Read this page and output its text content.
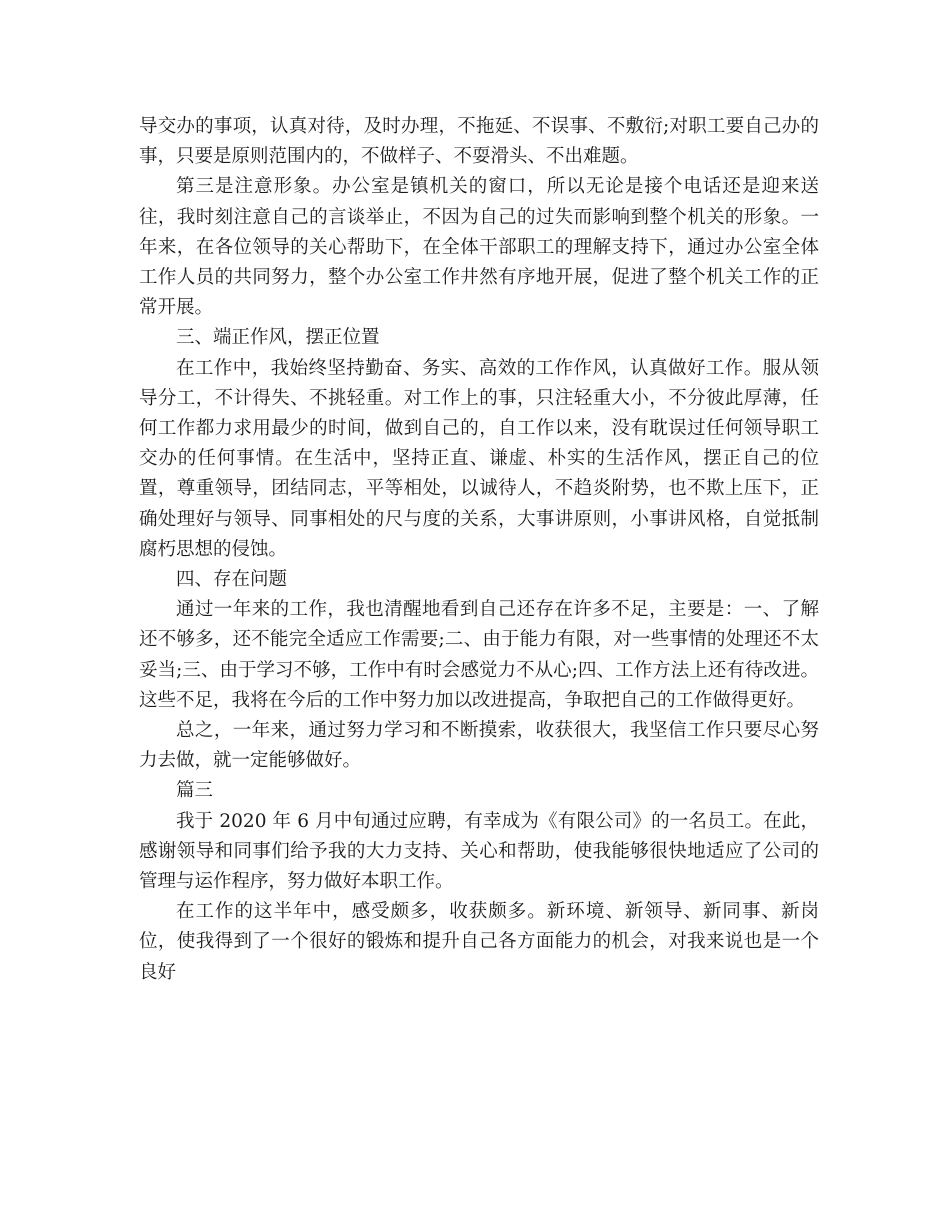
导交办的事项，认真对待，及时办理，不拖延、不误事、不敷衍;对职工要自己办的事，只要是原则范围内的，不做样子、不耍滑头、不出难题。

第三是注意形象。办公室是镇机关的窗口，所以无论是接个电话还是迎来送往，我时刻注意自己的言谈举止，不因为自己的过失而影响到整个机关的形象。一年来，在各位领导的关心帮助下，在全体干部职工的理解支持下，通过办公室全体工作人员的共同努力，整个办公室工作井然有序地开展，促进了整个机关工作的正常开展。

三、端正作风，摆正位置

在工作中，我始终坚持勤奋、务实、高效的工作作风，认真做好工作。服从领导分工，不计得失、不挑轻重。对工作上的事，只注轻重大小，不分彼此厚薄，任何工作都力求用最少的时间，做到自己的，自工作以来，没有耽误过任何领导职工交办的任何事情。在生活中，坚持正直、谦虚、朴实的生活作风，摆正自己的位置，尊重领导，团结同志，平等相处，以诚待人，不趋炎附势，也不欺上压下，正确处理好与领导、同事相处的尺与度的关系，大事讲原则，小事讲风格，自觉抵制腐朽思想的侵蚀。

四、存在问题

通过一年来的工作，我也清醒地看到自己还存在许多不足，主要是：一、了解还不够多，还不能完全适应工作需要;二、由于能力有限，对一些事情的处理还不太妥当;三、由于学习不够，工作中有时会感觉力不从心;四、工作方法上还有待改进。这些不足，我将在今后的工作中努力加以改进提高，争取把自己的工作做得更好。

总之，一年来，通过努力学习和不断摸索，收获很大，我坚信工作只要尽心努力去做，就一定能够做好。

篇三

我于 2020 年 6 月中旬通过应聘，有幸成为《有限公司》的一名员工。在此，感谢领导和同事们给予我的大力支持、关心和帮助，使我能够很快地适应了公司的管理与运作程序，努力做好本职工作。

在工作的这半年中，感受颇多，收获颇多。新环境、新领导、新同事、新岗位，使我得到了一个很好的锻炼和提升自己各方面能力的机会，对我来说也是一个良好
